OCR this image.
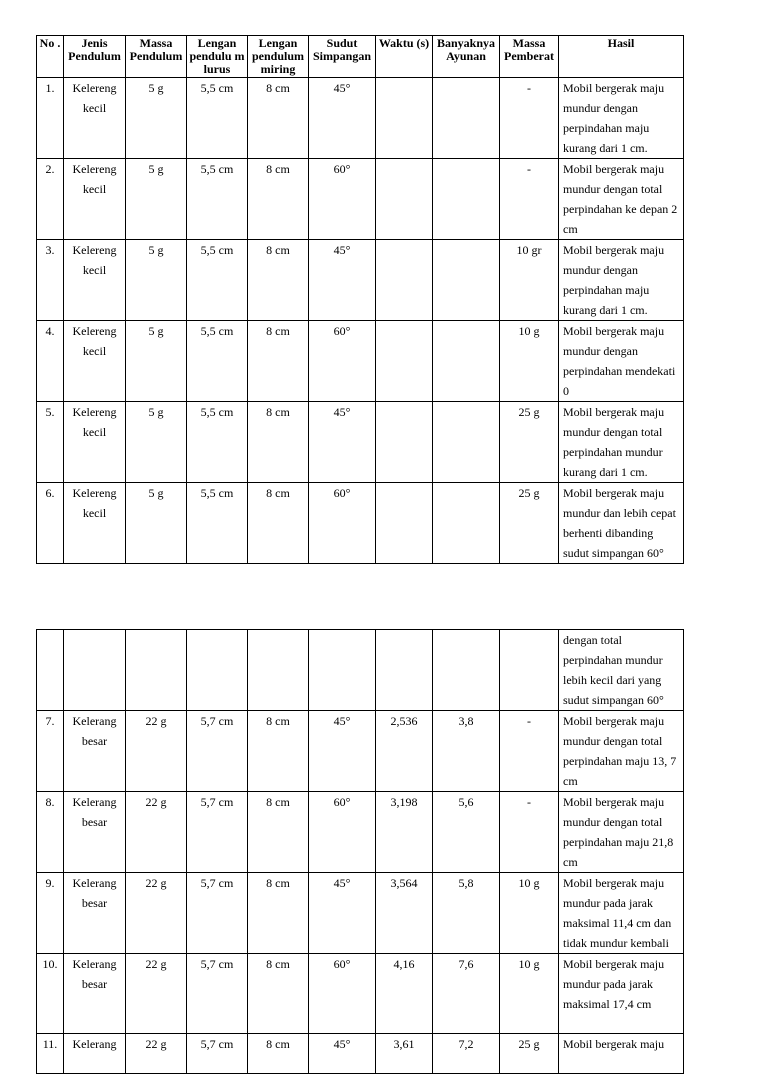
No .	Jenis Pendulum	Massa Pendulum	Lengan pendulu m lurus	Lengan pendulum miring	Sudut Simpangan	Waktu (s)	Banyaknya Ayunan	Massa Pemberat	Hasil
1.	Kelereng kecil	5 g	5,5 cm	8 cm	45°			-	Mobil bergerak maju mundur dengan perpindahan maju kurang dari 1 cm.
2.	Kelereng kecil	5 g	5,5 cm	8 cm	60°			-	Mobil bergerak maju mundur dengan total perpindahan ke depan 2 cm
3.	Kelereng kecil	5 g	5,5 cm	8 cm	45°			10 gr	Mobil bergerak maju mundur dengan perpindahan maju kurang dari 1 cm.
4.	Kelereng kecil	5 g	5,5 cm	8 cm	60°			10 g	Mobil bergerak maju mundur dengan perpindahan mendekati 0
5.	Kelereng kecil	5 g	5,5 cm	8 cm	45°			25 g	Mobil bergerak maju mundur dengan total perpindahan mundur kurang dari 1 cm.
6.	Kelereng kecil	5 g	5,5 cm	8 cm	60°			25 g	Mobil bergerak maju mundur dan lebih cepat berhenti dibanding sudut simpangan 60°
									dengan total perpindahan mundur lebih kecil dari yang sudut simpangan 60°
7.	Kelerang besar	22 g	5,7 cm	8 cm	45°	2,536	3,8	-	Mobil bergerak maju mundur dengan total perpindahan maju 13, 7 cm
8.	Kelerang besar	22 g	5,7 cm	8 cm	60°	3,198	5,6	-	Mobil bergerak maju mundur dengan total perpindahan maju 21,8 cm
9.	Kelerang besar	22 g	5,7 cm	8 cm	45°	3,564	5,8	10 g	Mobil bergerak maju mundur pada jarak maksimal 11,4 cm dan tidak mundur kembali
10.	Kelerang besar	22 g	5,7 cm	8 cm	60°	4,16	7,6	10 g	Mobil bergerak maju mundur pada jarak maksimal 17,4 cm
11.	Kelerang	22 g	5,7 cm	8 cm	45°	3,61	7,2	25 g	Mobil bergerak maju
